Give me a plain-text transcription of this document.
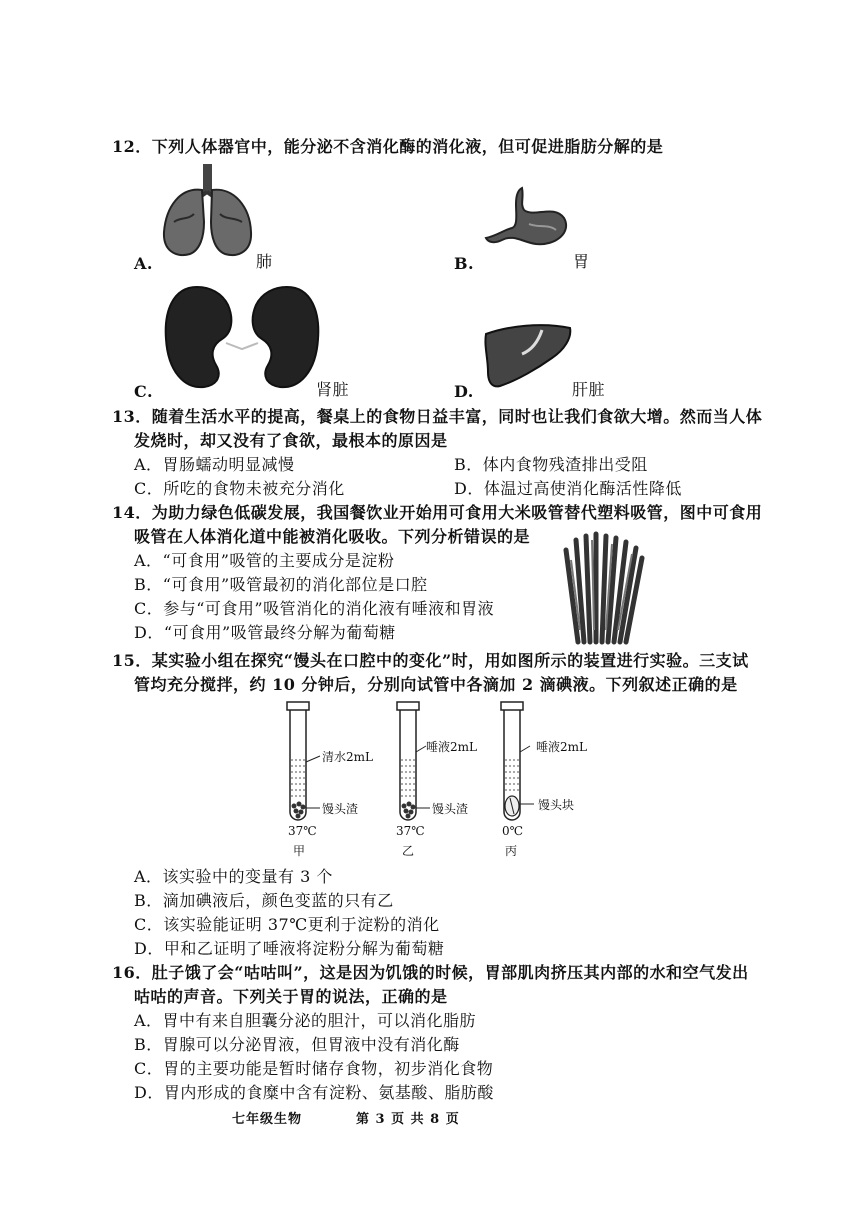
12．下列人体器官中，能分泌不含消化酶的消化液，但可促进脂肪分解的是
A.	肺	B.	胃
C.	肾脏	D.	肝脏
13．随着生活水平的提高，餐桌上的食物日益丰富，同时也让我们食欲大增。然而当人体
发烧时，却又没有了食欲，最根本的原因是
A．胃肠蠕动明显减慢	B．体内食物残渣排出受阻
C．所吃的食物未被充分消化	D．体温过高使消化酶活性降低
14．为助力绿色低碳发展，我国餐饮业开始用可食用大米吸管替代塑料吸管，图中可食用
吸管在人体消化道中能被消化吸收。下列分析错误的是
A．“可食用”吸管的主要成分是淀粉
B．“可食用”吸管最初的消化部位是口腔
C．参与“可食用”吸管消化的消化液有唾液和胃液
D．“可食用”吸管最终分解为葡萄糖
15．某实验小组在探究“馒头在口腔中的变化”时，用如图所示的装置进行实验。三支试
管均充分搅拌，约 10 分钟后，分别向试管中各滴加 2 滴碘液。下列叙述正确的是
清水2mL
馒头渣
37℃
甲
唾液2mL
馒头渣
37℃
乙
唾液2mL
馒头块
0℃
丙
A．该实验中的变量有 3 个
B．滴加碘液后，颜色变蓝的只有乙
C．该实验能证明 37℃更利于淀粉的消化
D．甲和乙证明了唾液将淀粉分解为葡萄糖
16．肚子饿了会“咕咕叫”，这是因为饥饿的时候，胃部肌肉挤压其内部的水和空气发出
咕咕的声音。下列关于胃的说法，正确的是
A．胃中有来自胆囊分泌的胆汁，可以消化脂肪
B．胃腺可以分泌胃液，但胃液中没有消化酶
C．胃的主要功能是暂时储存食物，初步消化食物
D．胃内形成的食糜中含有淀粉、氨基酸、脂肪酸
七年级生物	第 3 页 共 8 页
